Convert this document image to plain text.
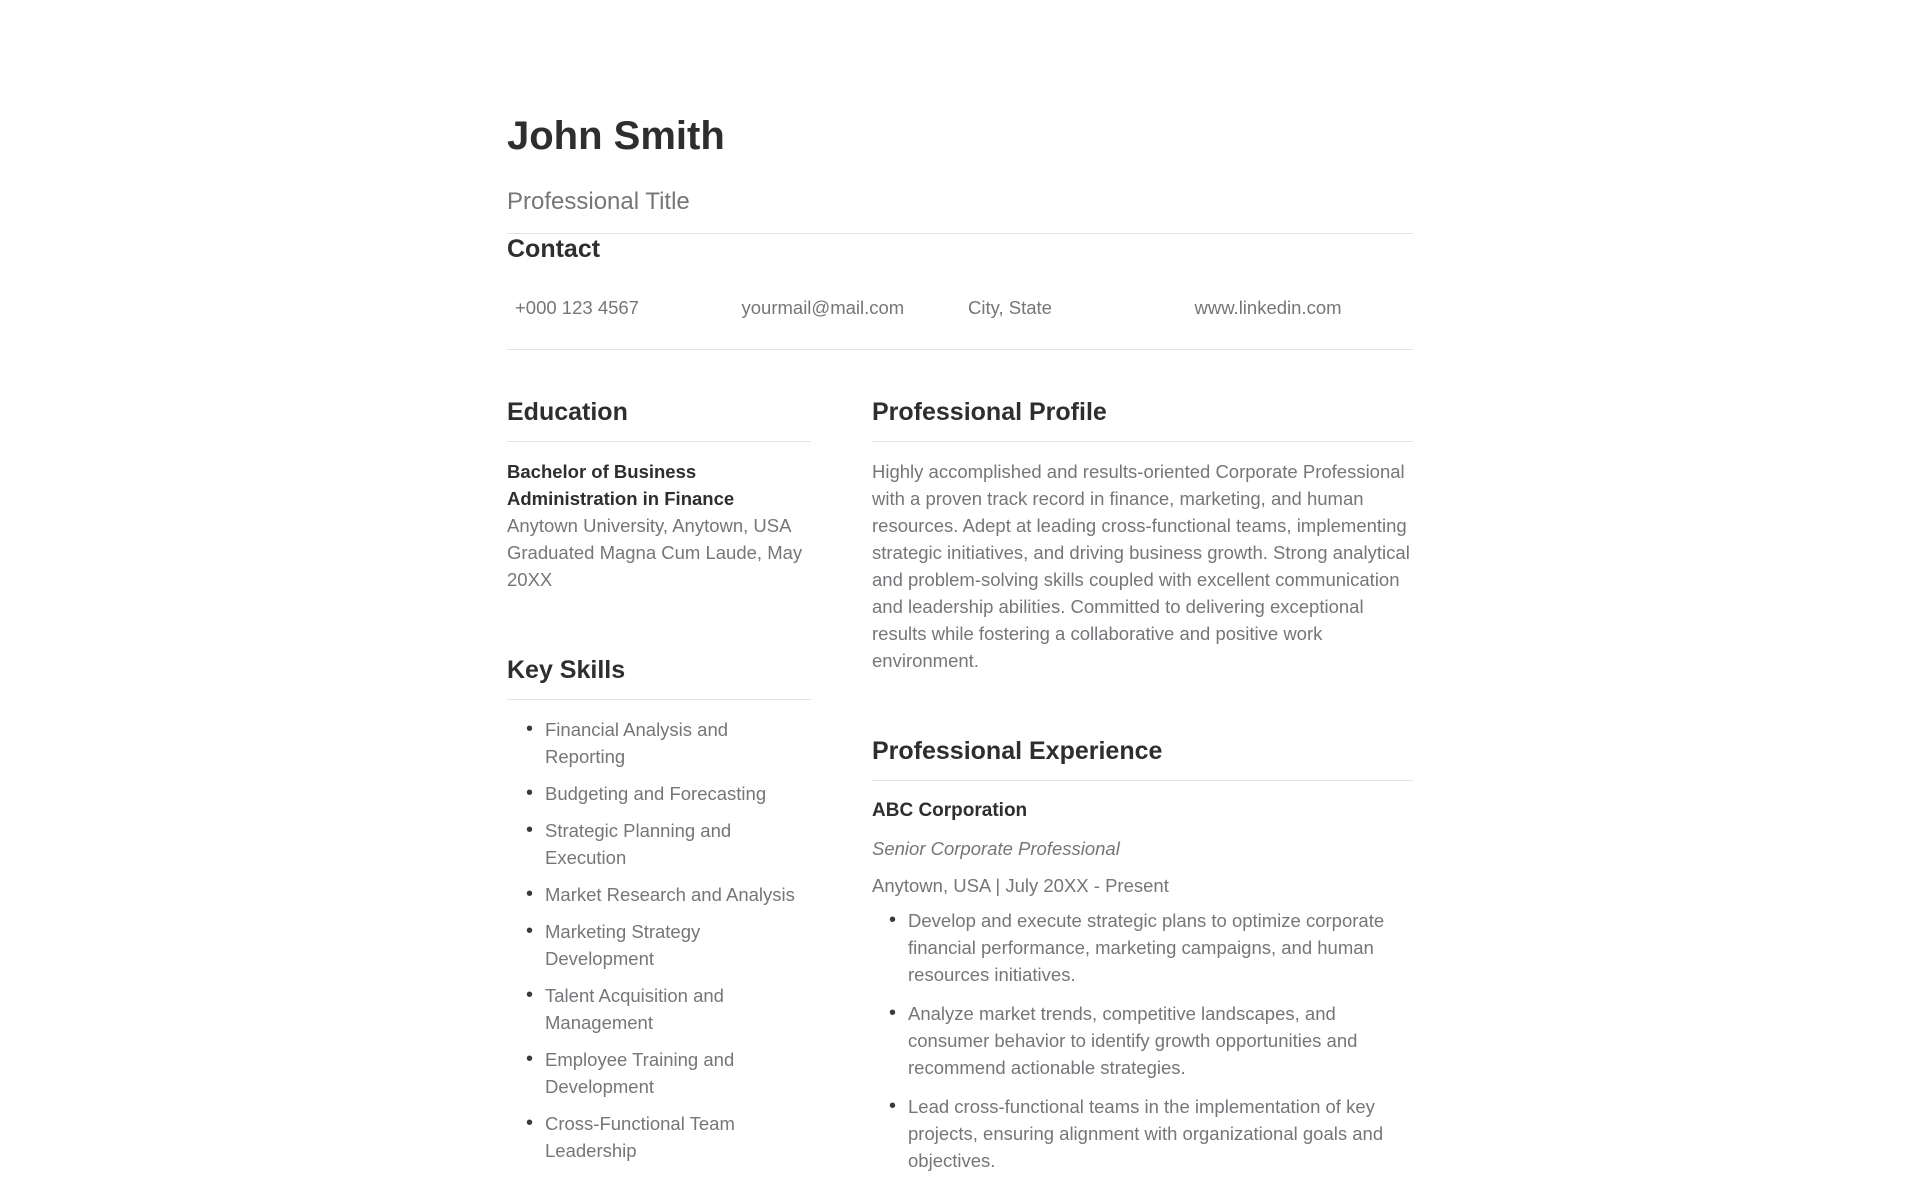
John Smith
Professional Title
Contact
+000 123 4567	yourmail@mail.com	City, State	www.linkedin.com
Education

Bachelor of Business Administration in Finance

Anytown University, Anytown, USA

Graduated Magna Cum Laude, May 20XX

Key Skills
• Financial Analysis and Reporting
• Budgeting and Forecasting
• Strategic Planning and Execution
• Market Research and Analysis
• Marketing Strategy Development
• Talent Acquisition and Management
• Employee Training and Development
• Cross-Functional Team Leadership
Professional Profile

Highly accomplished and results-oriented Corporate Professional with a proven track record in finance, marketing, and human resources. Adept at leading cross-functional teams, implementing strategic initiatives, and driving business growth. Strong analytical and problem-solving skills coupled with excellent communication and leadership abilities. Committed to delivering exceptional results while fostering a collaborative and positive work environment.

Professional Experience

ABC Corporation

Senior Corporate Professional

Anytown, USA | July 20XX - Present

• Develop and execute strategic plans to optimize corporate financial performance, marketing campaigns, and human resources initiatives.
• Analyze market trends, competitive landscapes, and consumer behavior to identify growth opportunities and recommend actionable strategies.
• Lead cross-functional teams in the implementation of key projects, ensuring alignment with organizational goals and objectives.
